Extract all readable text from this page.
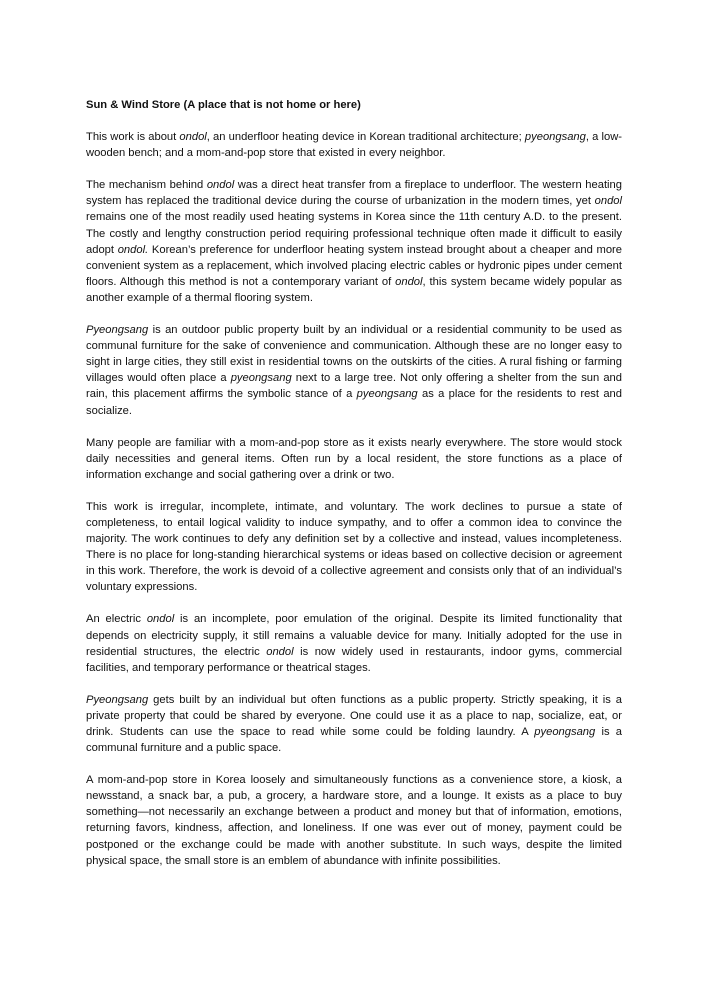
Sun & Wind Store (A place that is not home or here)

This work is about ondol, an underfloor heating device in Korean traditional architecture; pyeongsang, a low-wooden bench; and a mom-and-pop store that existed in every neighbor.

The mechanism behind ondol was a direct heat transfer from a fireplace to underfloor. The western heating system has replaced the traditional device during the course of urbanization in the modern times, yet ondol remains one of the most readily used heating systems in Korea since the 11th century A.D. to the present. The costly and lengthy construction period requiring professional technique often made it difficult to easily adopt ondol. Korean’s preference for underfloor heating system instead brought about a cheaper and more convenient system as a replacement, which involved placing electric cables or hydronic pipes under cement floors. Although this method is not a contemporary variant of ondol, this system became widely popular as another example of a thermal flooring system.

Pyeongsang is an outdoor public property built by an individual or a residential community to be used as communal furniture for the sake of convenience and communication. Although these are no longer easy to sight in large cities, they still exist in residential towns on the outskirts of the cities. A rural fishing or farming villages would often place a pyeongsang next to a large tree. Not only offering a shelter from the sun and rain, this placement affirms the symbolic stance of a pyeongsang as a place for the residents to rest and socialize.

Many people are familiar with a mom-and-pop store as it exists nearly everywhere. The store would stock daily necessities and general items. Often run by a local resident, the store functions as a place of information exchange and social gathering over a drink or two.

This work is irregular, incomplete, intimate, and voluntary. The work declines to pursue a state of completeness, to entail logical validity to induce sympathy, and to offer a common idea to convince the majority. The work continues to defy any definition set by a collective and instead, values incompleteness. There is no place for long-standing hierarchical systems or ideas based on collective decision or agreement in this work. Therefore, the work is devoid of a collective agreement and consists only that of an individual’s voluntary expressions.

An electric ondol is an incomplete, poor emulation of the original. Despite its limited functionality that depends on electricity supply, it still remains a valuable device for many. Initially adopted for the use in residential structures, the electric ondol is now widely used in restaurants, indoor gyms, commercial facilities, and temporary performance or theatrical stages.

Pyeongsang gets built by an individual but often functions as a public property. Strictly speaking, it is a private property that could be shared by everyone. One could use it as a place to nap, socialize, eat, or drink. Students can use the space to read while some could be folding laundry. A pyeongsang is a communal furniture and a public space.

A mom-and-pop store in Korea loosely and simultaneously functions as a convenience store, a kiosk, a newsstand, a snack bar, a pub, a grocery, a hardware store, and a lounge. It exists as a place to buy something—not necessarily an exchange between a product and money but that of information, emotions, returning favors, kindness, affection, and loneliness. If one was ever out of money, payment could be postponed or the exchange could be made with another substitute. In such ways, despite the limited physical space, the small store is an emblem of abundance with infinite possibilities.
